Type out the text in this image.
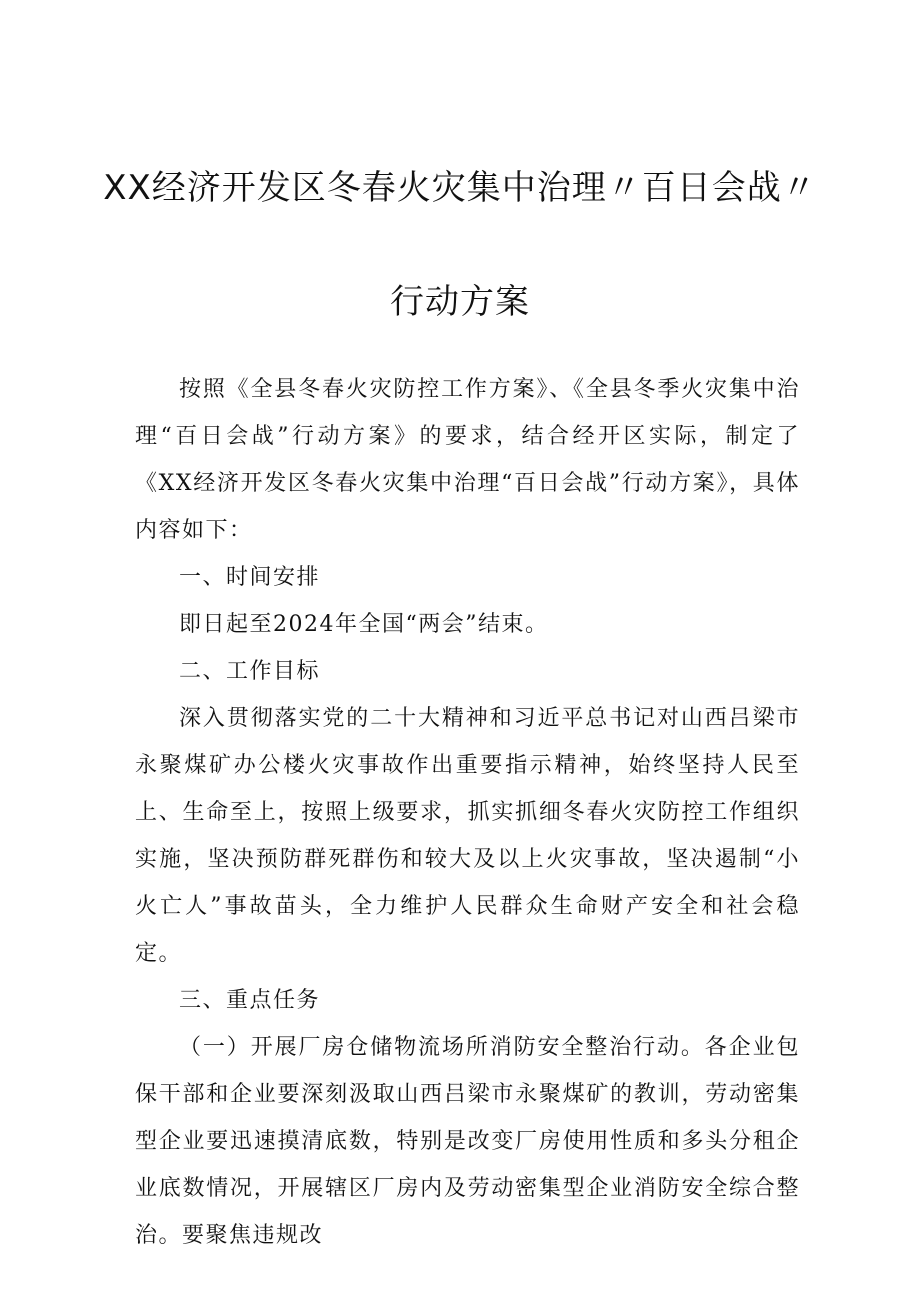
XX经济开发区冬春火灾集中治理〃百日会战〃
行动方案

按照《全县冬春火灾防控工作方案》、《全县冬季火灾集中治理“百日会战”行动方案》的要求，结合经开区实际，制定了《XX经济开发区冬春火灾集中治理“百日会战”行动方案》，具体内容如下：

一、时间安排

即日起至2024年全国“两会”结束。

二、工作目标

深入贯彻落实党的二十大精神和习近平总书记对山西吕梁市永聚煤矿办公楼火灾事故作出重要指示精神，始终坚持人民至上、生命至上，按照上级要求，抓实抓细冬春火灾防控工作组织实施，坚决预防群死群伤和较大及以上火灾事故，坚决遏制“小火亡人”事故苗头，全力维护人民群众生命财产安全和社会稳定。

三、重点任务

（一）开展厂房仓储物流场所消防安全整治行动。各企业包保干部和企业要深刻汲取山西吕梁市永聚煤矿的教训，劳动密集型企业要迅速摸清底数，特别是改变厂房使用性质和多头分租企业底数情况，开展辖区厂房内及劳动密集型企业消防安全综合整治。要聚焦违规改
